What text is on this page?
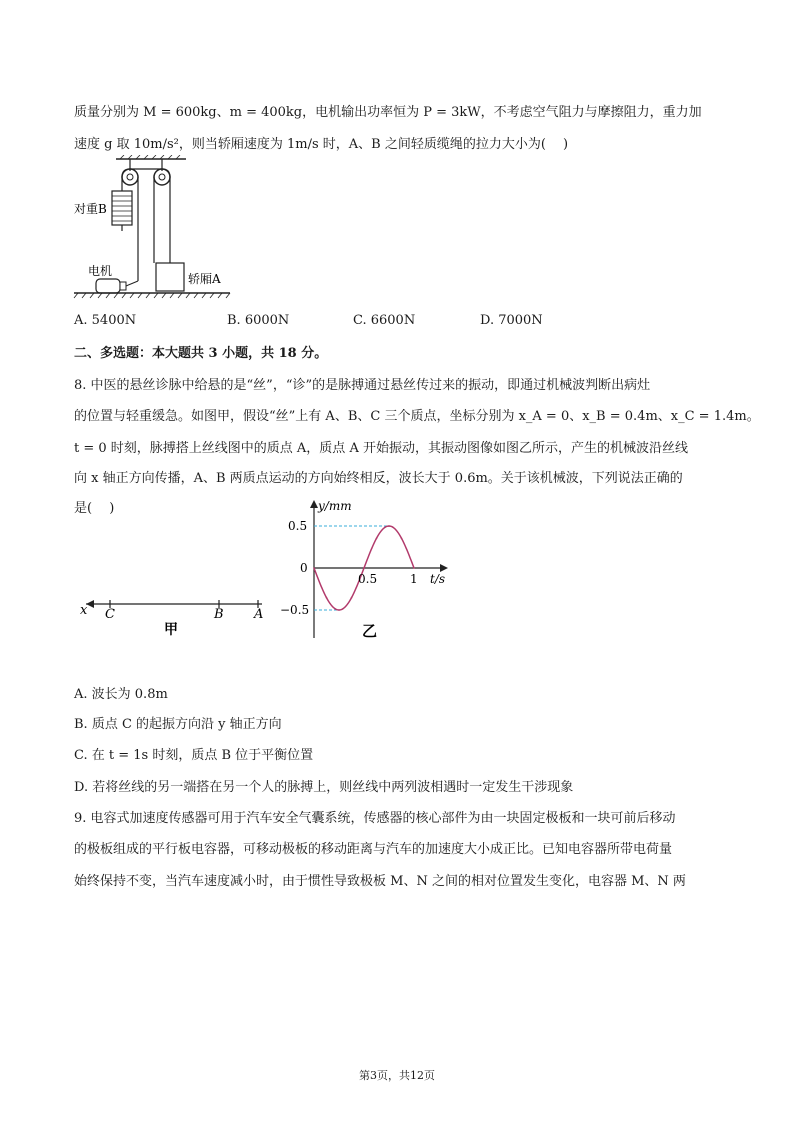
质量分别为 M = 600kg、m = 400kg，电机输出功率恒为 P = 3kW，不考虑空气阻力与摩擦阻力，重力加
速度 g 取 10m/s²，则当轿厢速度为 1m/s 时，A、B 之间轻质缆绳的拉力大小为(　 )
对重B
电机
轿厢A
A. 5400N	B. 6000N	C. 6600N	D. 7000N
二、多选题：本大题共 3 小题，共 18 分。
8. 中医的悬丝诊脉中给悬的是“丝”，“诊”的是脉搏通过悬丝传过来的振动，即通过机械波判断出病灶
的位置与轻重缓急。如图甲，假设“丝”上有 A、B、C 三个质点，坐标分别为 x_A = 0、x_B = 0.4m、x_C = 1.4m。
t = 0 时刻，脉搏搭上丝线图中的质点 A，质点 A 开始振动，其振动图像如图乙所示，产生的机械波沿丝线
向 x 轴正方向传播，A、B 两质点运动的方向始终相反，波长大于 0.6m。关于该机械波，下列说法正确的
是(　 )
x C	B A
甲
y/mm
t/s
0.5
0
−0.5
0.5	1
乙
A. 波长为 0.8m
B. 质点 C 的起振方向沿 y 轴正方向
C. 在 t = 1s 时刻，质点 B 位于平衡位置
D. 若将丝线的另一端搭在另一个人的脉搏上，则丝线中两列波相遇时一定发生干涉现象
9. 电容式加速度传感器可用于汽车安全气囊系统，传感器的核心部件为由一块固定极板和一块可前后移动
的极板组成的平行板电容器，可移动极板的移动距离与汽车的加速度大小成正比。已知电容器所带电荷量
始终保持不变，当汽车速度减小时，由于惯性导致极板 M、N 之间的相对位置发生变化，电容器 M、N 两
第3页，共12页
